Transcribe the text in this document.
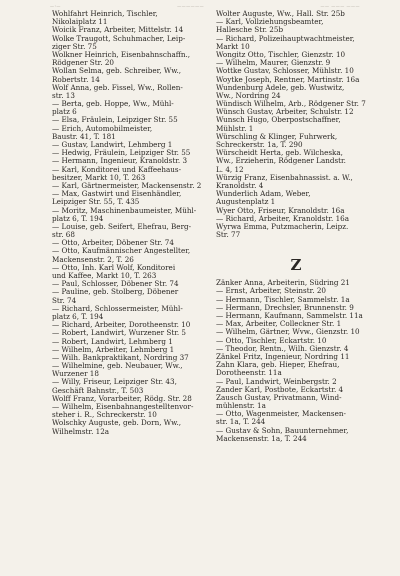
—:—	——————	—— ——— ———
Wohlfahrt Heinrich, Tischler,
Nikolaiplatz 11
Woicik Franz, Arbeiter, Mittelstr. 14
Wolke Traugott, Schuhmacher, Leip-
ziger Str. 75
Wolkner Heinrich, Eisenbahnschaffn.,
Rödgener Str. 20
Wollan Selma, geb. Schreiber, Ww.,
Robertstr. 14
Wolf Anna, geb. Fissel, Ww., Rollen-
str. 13
— Berta, geb. Hoppe, Ww., Mühl-
platz 6
— Elsa, Fräulein, Leipziger Str. 55
— Erich, Automobilmeister,
Baustr. 41, T. 181
— Gustav, Landwirt, Lehmberg 1
— Hedwig, Fräulein, Leipziger Str. 55
— Hermann, Ingenieur, Kranoldstr. 3
— Karl, Konditorei und Kaffeehaus-
besitzer, Markt 10, T. 263
— Karl, Gärtnermeister, Mackensenstr. 2
— Max, Gastwirt und Eisenhändler,
Leipziger Str. 55, T. 435
— Moritz, Maschinenbaumeister, Mühl-
platz 6, T. 194
— Louise, geb. Seifert, Ehefrau, Berg-
str. 68
— Otto, Arbeiter, Döbener Str. 74
— Otto, Kaufmännischer Angestellter,
Mackensenstr. 2, T. 26
— Otto, Inh. Karl Wolf, Konditorei
und Kaffee, Markt 10, T. 263
— Paul, Schlosser, Döbener Str. 74
— Pauline, geb. Stolberg, Döbener
Str. 74
— Richard, Schlossermeister, Mühl-
platz 6, T. 194
— Richard, Arbeiter, Dorotheenstr. 10
— Robert, Landwirt, Wurzener Str. 5
— Robert, Landwirt, Lehmberg 1
— Wilhelm, Arbeiter, Lehmberg 1
— Wilh. Bankpraktikant, Nordring 37
— Wilhelmine, geb. Neubauer, Ww.,
Wurzener 18
— Willy, Friseur, Leipziger Str. 43,
Geschäft Bahnstr., T. 503
Wolff Franz, Vorarbeiter, Rödg. Str. 28
— Wilhelm, Eisenbahnangestelltenvor-
steher i. R., Schreckerstr. 10
Wolschky Auguste, geb. Dorn, Ww.,
Wilhelmstr. 12a
Wolter Auguste, Ww., Hall. Str. 25b
— Karl, Vollziehungsbeamter,
Hallesche Str. 25b
— Richard, Polizeihauptwachtmeister,
Markt 10
Wongitz Otto, Tischler, Gienzstr. 10
— Wilhelm, Maurer, Gienzstr. 9
Wottke Gustav, Schlosser, Mühlstr. 10
Woytke Joseph, Rentner, Martinstr. 16a
Wundenburg Adele, geb. Wustwitz,
Ww., Nordring 24
Wündisch Wilhelm, Arb., Rödgener Str. 7
Wünsch Gustav, Arbeiter, Schulstr. 12
Wunsch Hugo, Oberpostschaffner,
Mühlstr. 1
Würschling & Klinger, Fuhrwerk,
Schreckerstr. 1a, T. 290
Würscheidt Herta, geb. Wilcheska,
Ww., Erzieherin, Rödgener Landstr.
L. 4, 12
Würzig Franz, Eisenbahnassist. a. W.,
Kranoldstr. 4
Wunderlich Adam, Weber,
Augustenplatz 1
Wyer Otto, Friseur, Kranoldstr. 16a
— Richard, Arbeiter, Kranoldstr. 16a
Wyrwa Emma, Putzmacherin, Leipz.
Str. 77
Z
Zänker Anna, Arbeiterin, Südring 21
— Ernst, Arbeiter, Steinstr. 20
— Hermann, Tischler, Sammelstr. 1a
— Hermann, Drechsler, Brunnenstr. 9
— Hermann, Kaufmann, Sammelstr. 11a
— Max, Arbeiter, Colleckner Str. 1
— Wilhelm, Gärtner, Wvw., Gienzstr. 10
— Otto, Tischler, Eckartstr. 10
— Theodor, Rentn., Wilh. Gienzstr. 4
Zänkel Fritz, Ingenieur, Nordring 11
Zahn Klara, geb. Hieper, Ehefrau,
Dorotheenstr. 11a
— Paul, Landwirt, Weinbergstr. 2
Zander Karl, Postbote, Eckartstr. 4
Zausch Gustav, Privatmann, Wind-
mühlenstr. 1a
— Otto, Wagenmeister, Mackensen-
str. 1a, T. 244
— Gustav & Sohn, Bauunternehmer,
Mackensenstr. 1a, T. 244
